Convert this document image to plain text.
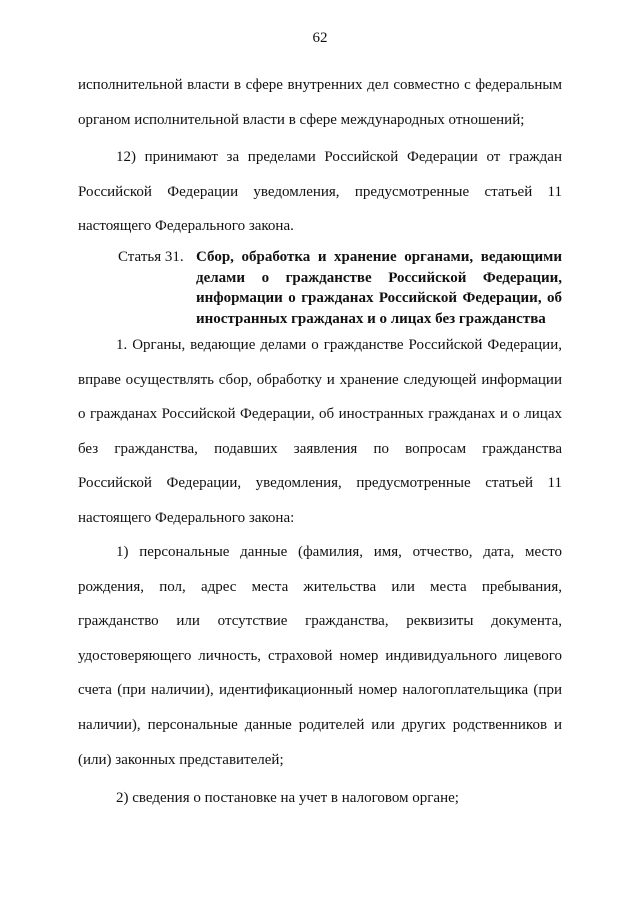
62

исполнительной власти в сфере внутренних дел совместно с федеральным органом исполнительной власти в сфере международных отношений;

12) принимают за пределами Российской Федерации от граждан Российской Федерации уведомления, предусмотренные статьей 11 настоящего Федерального закона.

Статья 31. Сбор, обработка и хранение органами, ведающими делами о гражданстве Российской Федерации, информации о гражданах Российской Федерации, об иностранных гражданах и о лицах без гражданства

1. Органы, ведающие делами о гражданстве Российской Федерации, вправе осуществлять сбор, обработку и хранение следующей информации о гражданах Российской Федерации, об иностранных гражданах и о лицах без гражданства, подавших заявления по вопросам гражданства Российской Федерации, уведомления, предусмотренные статьей 11 настоящего Федерального закона:

1) персональные данные (фамилия, имя, отчество, дата, место рождения, пол, адрес места жительства или места пребывания, гражданство или отсутствие гражданства, реквизиты документа, удостоверяющего личность, страховой номер индивидуального лицевого счета (при наличии), идентификационный номер налогоплательщика (при наличии), персональные данные родителей или других родственников и (или) законных представителей;

2) сведения о постановке на учет в налоговом органе;
